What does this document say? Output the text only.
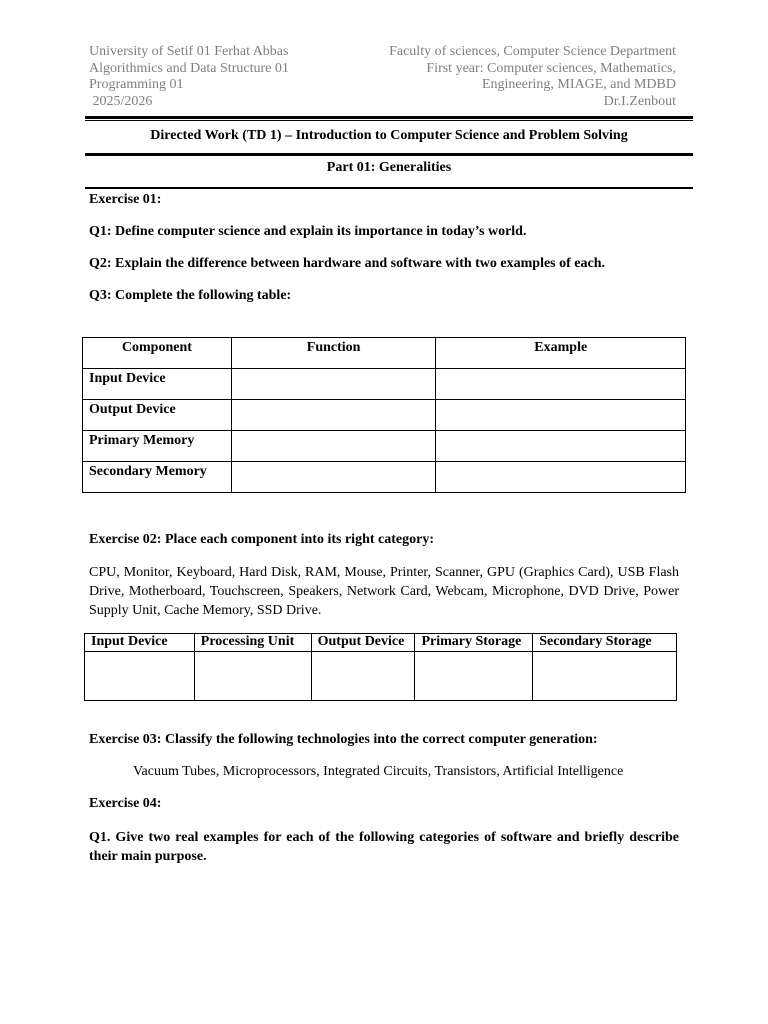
University of Setif 01 Ferhat Abbas
Algorithmics and Data Structure 01
Programming 01
2025/2026
Faculty of sciences, Computer Science Department
First year: Computer sciences, Mathematics,
Engineering, MIAGE, and MDBD
Dr.I.Zenbout
Directed Work (TD 1) – Introduction to Computer Science and Problem Solving
Part 01: Generalities
Exercise 01:
Q1: Define computer science and explain its importance in today’s world.
Q2: Explain the difference between hardware and software with two examples of each.
Q3: Complete the following table:
Component	Function	Example
Input Device		
Output Device		
Primary Memory		
Secondary Memory		
Exercise 02: Place each component into its right category:
CPU, Monitor, Keyboard, Hard Disk, RAM, Mouse, Printer, Scanner, GPU (Graphics Card), USB Flash Drive, Motherboard, Touchscreen, Speakers, Network Card, Webcam, Microphone, DVD Drive, Power Supply Unit, Cache Memory, SSD Drive.
Input Device	Processing Unit	Output Device	Primary Storage	Secondary Storage

Exercise 03: Classify the following technologies into the correct computer generation:
Vacuum Tubes, Microprocessors, Integrated Circuits, Transistors, Artificial Intelligence
Exercise 04:
Q1. Give two real examples for each of the following categories of software and briefly describe their main purpose.
